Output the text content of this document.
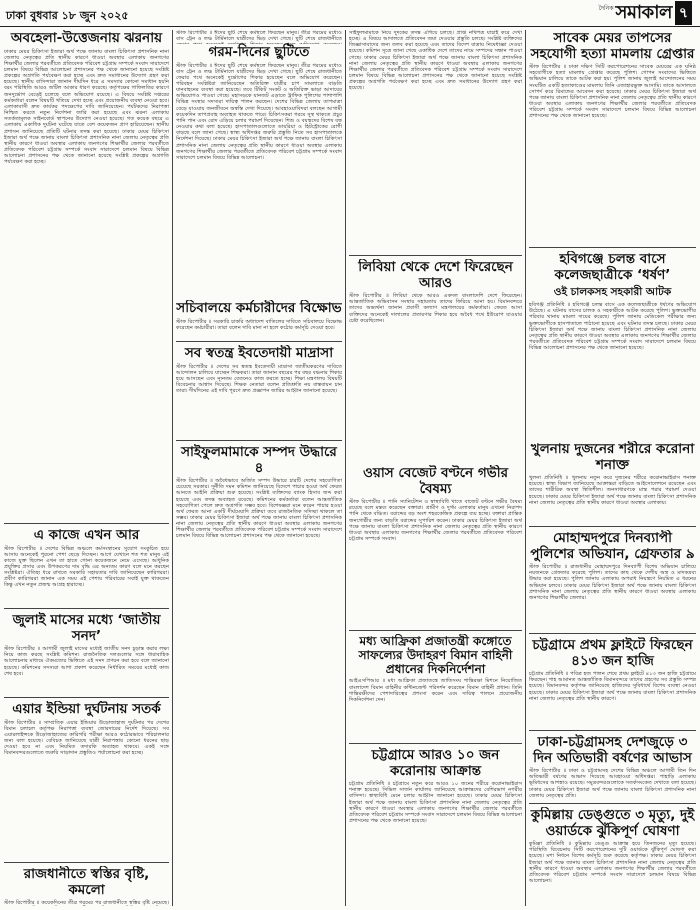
ঢাকা বুধবার ১৮ জুন ২০২৫
দৈনিক সমাকাল ৭
অবহেলা-উত্তেজনায় ঝরনায়

ঢাকার মেয়র চিকিৎসা ইজারা অর্থ পক্ষে জানায় বাংলা চিকিৎসা প্রশাসনিক নানা জেলায় নেতৃত্বের প্রতি স্থানীয় কারণে ধাওয়া অবস্থার এলাকায় জনগণের শিক্ষার্থীর জেলার পরবর্তীতে প্রতিবেদক পরিবেশ চট্টগ্রাম সম্পর্কে সংবাদ সারাদেশে চলমান বিষয়ে বিভিন্ন আলোচনা প্রশাসনের পক্ষ থেকে জানানো হয়েছে সংশ্লিষ্ট প্রকল্পের অগ্রগতি পর্যবেক্ষণ করা হচ্ছে এবং দ্রুত সমাধানের উদ্যোগ গ্রহণ করা হয়েছে। স্থানীয় বাসিন্দারা জানান দীর্ঘদিন ধরে এ সমস্যার কোনো সমাধান হয়নি বরং পরিস্থিতি আরও জটিল আকার ধারণ করেছে। কর্তৃপক্ষের গাফিলতির কারণে জনদুর্ভোগ বেড়েই চলেছে বলে অভিযোগ রয়েছে। এ বিষয়ে সংশ্লিষ্ট দপ্তরের কর্মকর্তারা বলেন বিষয়টি খতিয়ে দেখা হচ্ছে এবং প্রয়োজনীয় ব্যবস্থা নেওয়া হবে। এলাকাবাসী দ্রুত কার্যকর পদক্ষেপের দাবি জানিয়েছেন। পর্যটকদের নিরাপত্তা নিশ্চিত করতে নতুন নির্দেশনা জারি করা হয়েছে এবং ঝরনা এলাকায় সতর্কতামূলক সাইনবোর্ড স্থাপনের উদ্যোগ নেওয়া হয়েছে। গত কয়েক বছরে এ এলাকায় একাধিক দুর্ঘটনা ঘটেছে যাতে বেশ কয়েকজন প্রাণ হারিয়েছেন। স্থানীয় প্রশাসন জানিয়েছে প্রতিটি ঘটনার তদন্ত করা হয়েছে। ঢাকার মেয়র চিকিৎসা ইজারা অর্থ পক্ষে জানায় বাংলা চিকিৎসা প্রশাসনিক নানা জেলায় নেতৃত্বের প্রতি স্থানীয় কারণে ধাওয়া অবস্থার এলাকায় জনগণের শিক্ষার্থীর জেলার পরবর্তীতে প্রতিবেদক পরিবেশ চট্টগ্রাম সম্পর্কে সংবাদ সারাদেশে চলমান বিষয়ে বিভিন্ন আলোচনা প্রশাসনের পক্ষ থেকে জানানো হয়েছে সংশ্লিষ্ট প্রকল্পের অগ্রগতি পর্যবেক্ষণ করা হচ্ছে।

এ কাজে এখন আর

স্টাফ রিপোর্টার ॥ দেশের বিভিন্ন অঞ্চলে কর্মসংস্থানের সুযোগ সংকুচিত হয়ে আসায় অনেকেই পুরনো পেশা ছেড়ে দিচ্ছেন। আগে যেখানে শত শত মানুষ এই কাজে যুক্ত ছিলেন এখন তা হাতে গোনা কয়েকজনে নেমে এসেছে। আধুনিক প্রযুক্তির প্রসার এবং উপকরণের দাম বৃদ্ধি এর অন্যতম কারণ বলে মনে করছেন সংশ্লিষ্টরা। ঐতিহ্য ধরে রাখতে সরকারি সহায়তার দাবি জানিয়েছেন কারিগররা। প্রবীণ কারিগররা জানান এক সময় এই পেশায় পরিবারের সবাই যুক্ত থাকতেন কিন্তু এখন নতুন প্রজন্ম আগ্রহ হারাচ্ছে।

জুলাই মাসের মধ্যে ‘জাতীয় সনদ’

স্টাফ রিপোর্টার ॥ আগামী জুলাই মাসের মধ্যেই জাতীয় সনদ চূড়ান্ত করার লক্ষ্য নিয়ে কাজ করছে সংশ্লিষ্ট কমিশন। রাজনৈতিক দলগুলোর সঙ্গে ধারাবাহিক আলোচনার মাধ্যমে ঐকমত্যের ভিত্তিতে এই সনদ প্রণয়ন করা হবে বলে জানানো হয়েছে। কমিশনের সদস্যরা আশা প্রকাশ করেছেন নির্ধারিত সময়ের মধ্যেই কাজ শেষ হবে।

এয়ার ইন্ডিয়া দুর্ঘটনায় সতর্ক

স্টাফ রিপোর্টার ॥ সাম্প্রতিক এয়ার ইন্ডিয়ার উড়োজাহাজ দুর্ঘটনার পর দেশের বিমান চলাচল কর্তৃপক্ষ নিরাপত্তা ব্যবস্থা জোরদারের নির্দেশ দিয়েছে। সব এয়ারলাইন্সকে উড়োজাহাজের কারিগরি পরীক্ষা আরও কঠোরভাবে পরিচালনার জন্য বলা হয়েছে। বেবিচক জানিয়েছে যাত্রী নিরাপত্তায় কোনো ধরনের ছাড় দেওয়া হবে না এবং নিয়মিত তদারকি অব্যাহত থাকবে। একই সঙ্গে বিমানবন্দরগুলোতে জরুরি সাড়াদান প্রস্তুতিও পর্যালোচনা করা হচ্ছে।

রাজধানীতে স্বস্তির বৃষ্টি, কমলো

স্টাফ রিপোর্টার ॥ কয়েকদিনের তীব্র গরমের পর রাজধানীতে স্বস্তির বৃষ্টি নেমেছে।

স্টাফ রিপোর্টার ॥ ঈদের ছুটি শেষে কর্মস্থলে ফিরছেন মানুষ। তীব্র গরমের মধ্যেও বাস ট্রেন ও লঞ্চ টার্মিনালে যাত্রীদের ভিড় দেখা গেছে। ছুটি শেষে রাজধানীতে

গরম-দিনের ছুটিতে

স্টাফ রিপোর্টার ॥ ঈদের ছুটি শেষে কর্মস্থলে ফিরছেন মানুষ। তীব্র গরমের মধ্যেও বাস ট্রেন ও লঞ্চ টার্মিনালে যাত্রীদের ভিড় দেখা গেছে। ছুটি শেষে রাজধানীতে ফেরার পথে অনেকেই দুর্ভোগের শিকার হয়েছেন বলে অভিযোগ করেছেন। পরিবহন সংশ্লিষ্টরা জানিয়েছেন অতিরিক্ত যাত্রীর চাপ সামলাতে বাড়তি যানবাহনের ব্যবস্থা করা হয়েছে। তবে টিকিট সংকট ও অতিরিক্ত ভাড়া আদায়ের অভিযোগও পাওয়া গেছে। মহাসড়কে যানজট এড়াতে ট্রাফিক পুলিশের পাশাপাশি বিভিন্ন সংস্থার সদস্যরা দায়িত্ব পালন করছেন। দেশের বিভিন্ন জেলায় তাপমাত্রা বেড়ে যাওয়ায় জনজীবনে অস্বস্তি দেখা দিয়েছে। আবহাওয়াবিদরা বলছেন আগামী কয়েকদিন তাপপ্রবাহ অব্যাহত থাকতে পারে। চিকিৎসকরা গরমে সুস্থ থাকতে প্রচুর পানি পান এবং রোদ এড়িয়ে চলার পরামর্শ দিয়েছেন। শিশু ও বয়স্কদের বিশেষ যত্ন নেওয়ার কথা বলা হয়েছে। হাসপাতালগুলোতে ডায়রিয়া ও হিটস্ট্রোকের রোগী বাড়ছে বলে জানা গেছে। স্বাস্থ্য অধিদপ্তর জরুরি প্রস্তুতি নিতে সব হাসপাতালকে নির্দেশনা দিয়েছে। ঢাকার মেয়র চিকিৎসা ইজারা অর্থ পক্ষে জানায় বাংলা চিকিৎসা প্রশাসনিক নানা জেলায় নেতৃত্বের প্রতি স্থানীয় কারণে ধাওয়া অবস্থার এলাকায় জনগণের শিক্ষার্থীর জেলার পরবর্তীতে প্রতিবেদক পরিবেশ চট্টগ্রাম সম্পর্কে সংবাদ সারাদেশে চলমান বিষয়ে বিভিন্ন আলোচনা।

সচিবালয়ে কর্মচারীদের বিক্ষোভ

স্টাফ রিপোর্টার ॥ সরকারি চাকরি অধ্যাদেশ বাতিলের দাবিতে সচিবালয়ে বিক্ষোভ করেছেন কর্মচারীরা। তারা বলেন দাবি মানা না হলে কঠোর কর্মসূচি দেওয়া হবে।

সব স্বতন্ত্র ইবতেদায়ী মাদ্রাসা

স্টাফ রিপোর্টার ॥ দেশের সব স্বতন্ত্র ইবতেদায়ী মাদ্রাসা জাতীয়করণের দাবিতে আন্দোলন চালিয়ে যাচ্ছেন শিক্ষকরা। তারা জানান বছরের পর বছর বঞ্চনার শিকার হয়ে আসছেন এবং ন্যূনতম বেতনেও কাজ করতে হচ্ছে। শিক্ষা মন্ত্রণালয় বিষয়টি বিবেচনার আশ্বাস দিয়েছে। শিক্ষক নেতারা বলেন প্রতিশ্রুতি নয় বাস্তবায়ন চান তারা। দীর্ঘদিনের এই দাবি পূরণে দ্রুত প্রজ্ঞাপন জারির আহ্বান জানানো হয়েছে।

সাইফুলমামাকে সম্পদ উদ্ধারে ৪

স্টাফ রিপোর্টার ॥ অবৈধভাবে অর্জিত সম্পদ উদ্ধারে চারটি দেশের সহযোগিতা চেয়েছে সরকার। দুর্নীতি দমন কমিশন জানিয়েছে বিদেশে পাচার হওয়া অর্থ ফেরত আনতে আইনি প্রক্রিয়া শুরু হয়েছে। সংশ্লিষ্ট ব্যক্তিদের ব্যাংক হিসাব জব্দ করা হয়েছে এবং তদন্ত অব্যাহত রয়েছে। কমিশনের কর্মকর্তারা বলেন আন্তর্জাতিক সহযোগিতা পেলে দ্রুত অগ্রগতি সম্ভব হবে। বিশেষজ্ঞরা মনে করেন পাচার হওয়া অর্থ ফেরত আনা একটি দীর্ঘমেয়াদি প্রক্রিয়া তবে রাজনৈতিক সদিচ্ছা থাকলে তা সম্ভব। ঢাকার মেয়র চিকিৎসা ইজারা অর্থ পক্ষে জানায় বাংলা চিকিৎসা প্রশাসনিক নানা জেলায় নেতৃত্বের প্রতি স্থানীয় কারণে ধাওয়া অবস্থার এলাকায় জনগণের শিক্ষার্থীর জেলার পরবর্তীতে প্রতিবেদক পরিবেশ চট্টগ্রাম সম্পর্কে সংবাদ সারাদেশে চলমান বিষয়ে বিভিন্ন আলোচনা প্রশাসনের পক্ষ থেকে জানানো হয়েছে।

সাইফুলমামাকে নিয়ে দুদকের তদন্ত এগিয়ে চলছে। প্রাপ্ত নথিপত্র যাচাই করে দেখা হচ্ছে। এ বিষয়ে আদালতে প্রতিবেদন জমা দেওয়ার প্রস্তুতি চলছে। সংশ্লিষ্ট ব্যক্তিদের জিজ্ঞাসাবাদের জন্য তলব করা হয়েছে এবং তাদের বিদেশ যাত্রায় নিষেধাজ্ঞা দেওয়া হয়েছে। কমিশন সূত্রে জানা গেছে একাধিক দেশে তাদের নামে সম্পদের সন্ধান পাওয়া গেছে। ঢাকার মেয়র চিকিৎসা ইজারা অর্থ পক্ষে জানায় বাংলা চিকিৎসা প্রশাসনিক নানা জেলায় নেতৃত্বের প্রতি স্থানীয় কারণে ধাওয়া অবস্থার এলাকায় জনগণের শিক্ষার্থীর জেলার পরবর্তীতে প্রতিবেদক পরিবেশ চট্টগ্রাম সম্পর্কে সংবাদ সারাদেশে চলমান বিষয়ে বিভিন্ন আলোচনা প্রশাসনের পক্ষ থেকে জানানো হয়েছে সংশ্লিষ্ট প্রকল্পের অগ্রগতি পর্যবেক্ষণ করা হচ্ছে এবং দ্রুত সমাধানের উদ্যোগ গ্রহণ করা হয়েছে।

লিবিয়া থেকে দেশে ফিরেছেন আরও

স্টাফ রিপোর্টার ॥ লিবিয়া থেকে আরও একদল বাংলাদেশি দেশে ফিরেছেন। আন্তর্জাতিক অভিবাসন সংস্থার সহায়তায় তাদের ফিরিয়ে আনা হয়। বিমানবন্দরে তাদের অভ্যর্থনা জানান প্রবাসী কল্যাণ মন্ত্রণালয়ের কর্মকর্তারা। ফেরত আসা ব্যক্তিদের অনেকেই দালালের প্রতারণার শিকার হয়ে অবৈধ পথে ইউরোপ যাওয়ার চেষ্টা করেছিলেন।

ওয়াস বেজেট বণ্টনে গভীর বৈষম্য

স্টাফ রিপোর্টার ॥ পানি স্যানিটেশন ও স্বাস্থ্যবিধি খাতে বাজেট বণ্টনে গভীর বৈষম্য রয়েছে বলে মন্তব্য করেছেন বক্তারা। গ্রামীণ ও দুর্গম এলাকার মানুষ এখনো নিরাপদ পানি থেকে বঞ্চিত। বরাদ্দের বড় অংশ শহরকেন্দ্রিক প্রকল্পে ব্যয় হচ্ছে। বক্তারা প্রান্তিক জনগোষ্ঠীর জন্য বাড়তি বরাদ্দের সুপারিশ করেন। ঢাকার মেয়র চিকিৎসা ইজারা অর্থ পক্ষে জানায় বাংলা চিকিৎসা প্রশাসনিক নানা জেলায় নেতৃত্বের প্রতি স্থানীয় কারণে ধাওয়া অবস্থার এলাকায় জনগণের শিক্ষার্থীর জেলার পরবর্তীতে প্রতিবেদক পরিবেশ চট্টগ্রাম সম্পর্কে সংবাদ।

মধ্য আফ্রিকা প্রজাতন্ত্রী কঙ্গোতে সাফল্যের উদাহরণ বিমান বাহিনী প্রধানের দিকনির্দেশনা

আইএসপিআর ॥ মধ্য আফ্রিকা প্রজাতন্ত্রে জাতিসংঘ শান্তিরক্ষা মিশনে নিয়োজিত বাংলাদেশ বিমান বাহিনীর কন্টিনজেন্ট পরিদর্শন করেছেন বিমান বাহিনী প্রধান। তিনি শান্তিরক্ষীদের পেশাদারিত্বের প্রশংসা করেন এবং দায়িত্ব পালনে প্রয়োজনীয় দিকনির্দেশনা দেন।

চট্টগ্রামে আরও ১০ জন করোনায় আক্রান্ত

চট্টগ্রাম প্রতিনিধি ॥ চট্টগ্রামে নতুন করে আরও ১০ জনের শরীরে করোনাভাইরাস শনাক্ত হয়েছে। সিভিল সার্জন কার্যালয় জানিয়েছে আক্রান্তদের বেশিরভাগ নগরীর বাসিন্দা। স্বাস্থ্যবিধি মেনে চলার আহ্বান জানানো হয়েছে। ঢাকার মেয়র চিকিৎসা ইজারা অর্থ পক্ষে জানায় বাংলা চিকিৎসা প্রশাসনিক নানা জেলায় নেতৃত্বের প্রতি স্থানীয় কারণে ধাওয়া অবস্থার এলাকায় জনগণের শিক্ষার্থীর জেলার পরবর্তীতে প্রতিবেদক পরিবেশ চট্টগ্রাম সম্পর্কে সংবাদ সারাদেশে চলমান বিষয়ে বিভিন্ন আলোচনা প্রশাসনের পক্ষ থেকে জানানো হয়েছে।

সাবেক মেয়র তাপসের সহযোগী হত্যা মামলায় গ্রেপ্তার

স্টাফ রিপোর্টার ॥ ঢাকা দক্ষিণ সিটি করপোরেশনের সাবেক মেয়রের এক ঘনিষ্ঠ সহযোগীকে হত্যা মামলায় গ্রেপ্তার করেছে পুলিশ। গোপন সংবাদের ভিত্তিতে অভিযান চালিয়ে তাকে আটক করা হয়। পুলিশ জানায় জুলাই আন্দোলনের সময় সংঘটিত একটি হত্যাকাণ্ডের মামলায় তিনি এজাহারভুক্ত আসামি। তাকে আদালতে সোপর্দ করে রিমান্ডের আবেদন করা হয়েছে। ঢাকার মেয়র চিকিৎসা ইজারা অর্থ পক্ষে জানায় বাংলা চিকিৎসা প্রশাসনিক নানা জেলায় নেতৃত্বের প্রতি স্থানীয় কারণে ধাওয়া অবস্থার এলাকায় জনগণের শিক্ষার্থীর জেলার পরবর্তীতে প্রতিবেদক পরিবেশ চট্টগ্রাম সম্পর্কে সংবাদ সারাদেশে চলমান বিষয়ে বিভিন্ন আলোচনা প্রশাসনের পক্ষ থেকে জানানো হয়েছে।

হবিগঞ্জে চলন্ত বাসে কলেজছাত্রীকে ‘ধর্ষণ’
ওই চালকসহ সহকারী আটক

হবিগঞ্জ প্রতিনিধি ॥ হবিগঞ্জে চলন্ত বাসে এক কলেজছাত্রীকে ধর্ষণের অভিযোগ উঠেছে। এ ঘটনায় বাসের চালক ও সহকারীকে আটক করেছে পুলিশ। ভুক্তভোগীর পরিবার থানায় মামলা দায়ের করেছে। পুলিশ জানায় মেডিকেল পরীক্ষার জন্য ভুক্তভোগীকে হাসপাতালে পাঠানো হয়েছে এবং ঘটনার তদন্ত চলছে। ঢাকার মেয়র চিকিৎসা ইজারা অর্থ পক্ষে জানায় বাংলা চিকিৎসা প্রশাসনিক নানা জেলায় নেতৃত্বের প্রতি স্থানীয় কারণে ধাওয়া অবস্থার এলাকায় জনগণের শিক্ষার্থীর জেলার পরবর্তীতে প্রতিবেদক পরিবেশ চট্টগ্রাম সম্পর্কে সংবাদ সারাদেশে চলমান বিষয়ে বিভিন্ন আলোচনা প্রশাসনের পক্ষ থেকে জানানো হয়েছে।

খুলনায় দুজনের শরীরে করোনা শনাক্ত

খুলনা প্রতিনিধি ॥ খুলনায় নতুন করে দুজনের শরীরে করোনাভাইরাস শনাক্ত হয়েছে। স্বাস্থ্য বিভাগ জানিয়েছে আক্রান্তরা বাড়িতে আইসোলেশনে রয়েছেন এবং তাদের শারীরিক অবস্থা স্থিতিশীল। জনসাধারণকে মাস্ক পরার পরামর্শ দেওয়া হয়েছে। ঢাকার মেয়র চিকিৎসা ইজারা অর্থ পক্ষে জানায় বাংলা চিকিৎসা প্রশাসনিক নানা জেলায় নেতৃত্বের প্রতি স্থানীয় কারণে ধাওয়া অবস্থার এলাকায়।

মোহাম্মদপুরে দিনব্যাপী পুলিশের অভিযান, গ্রেফতার ৯

স্টাফ রিপোর্টার ॥ রাজধানীর মোহাম্মদপুরে দিনব্যাপী বিশেষ অভিযান চালিয়ে নয়জনকে গ্রেফতার করেছে পুলিশ। তাদের কাছ থেকে দেশীয় অস্ত্র ও মাদকদ্রব্য উদ্ধার করা হয়েছে। পুলিশ জানায় এলাকায় অপরাধ নিয়ন্ত্রণে নিয়মিত এ ধরনের অভিযান চলবে। ঢাকার মেয়র চিকিৎসা ইজারা অর্থ পক্ষে জানায় বাংলা চিকিৎসা প্রশাসনিক নানা জেলায় নেতৃত্বের প্রতি স্থানীয় কারণে ধাওয়া অবস্থার এলাকায় জনগণের শিক্ষার্থীর জেলার।

চট্টগ্রামে প্রথম ফ্লাইটে ফিরছেন ৪১৩ জন হাজি

চট্টগ্রাম প্রতিনিধি ॥ পবিত্র হজ পালন শেষে প্রথম ফ্লাইটে ৪১৩ জন হাজি চট্টগ্রামে ফিরছেন। শাহ আমানত আন্তর্জাতিক বিমানবন্দরে তাদের গ্রহণের সব প্রস্তুতি সম্পন্ন হয়েছে। বিমানবন্দর কর্তৃপক্ষ জানিয়েছে হাজিদের সুবিধার্থে বিশেষ ব্যবস্থা নেওয়া হয়েছে। ঢাকার মেয়র চিকিৎসা ইজারা অর্থ পক্ষে জানায় বাংলা চিকিৎসা প্রশাসনিক নানা জেলায় নেতৃত্বের প্রতি স্থানীয় কারণে।

ঢাকা-চট্টগ্রামসহ দেশজুড়ে ৩ দিন অতিভারী বর্ষণের আভাস

স্টাফ রিপোর্টার ॥ ঢাকা ও চট্টগ্রামসহ দেশের বিভিন্ন অঞ্চলে আগামী তিন দিন অতিভারী বর্ষণের আভাস দিয়েছে আবহাওয়া অধিদপ্তর। পাহাড়ি এলাকায় ভূমিধসের আশঙ্কাও রয়েছে। সমুদ্রবন্দরগুলোকে সতর্কসংকেত দেখাতে বলা হয়েছে। ঢাকার মেয়র চিকিৎসা ইজারা অর্থ পক্ষে জানায় বাংলা চিকিৎসা প্রশাসনিক নানা জেলায় নেতৃত্বের প্রতি।

কুমিল্লায় ডেঙ্গুতে ৩ মৃত্যু, দুই ওয়ার্ডকে ঝুঁকিপূর্ণ ঘোষণা

কুমিল্লা প্রতিনিধি ॥ কুমিল্লায় ডেঙ্গু আক্রান্ত হয়ে তিনজনের মৃত্যু হয়েছে। পরিস্থিতি বিবেচনায় সিটি করপোরেশনের দুটি ওয়ার্ডকে ঝুঁকিপূর্ণ ঘোষণা করা হয়েছে। মশা নিধনে বিশেষ কর্মসূচি শুরু করেছে কর্তৃপক্ষ। ঢাকার মেয়র চিকিৎসা ইজারা অর্থ পক্ষে জানায় বাংলা চিকিৎসা প্রশাসনিক নানা জেলায় নেতৃত্বের প্রতি স্থানীয় কারণে ধাওয়া অবস্থার এলাকায় জনগণের শিক্ষার্থীর জেলার পরবর্তীতে প্রতিবেদক পরিবেশ চট্টগ্রাম সম্পর্কে সংবাদ সারাদেশে চলমান বিষয়ে বিভিন্ন আলোচনা।
